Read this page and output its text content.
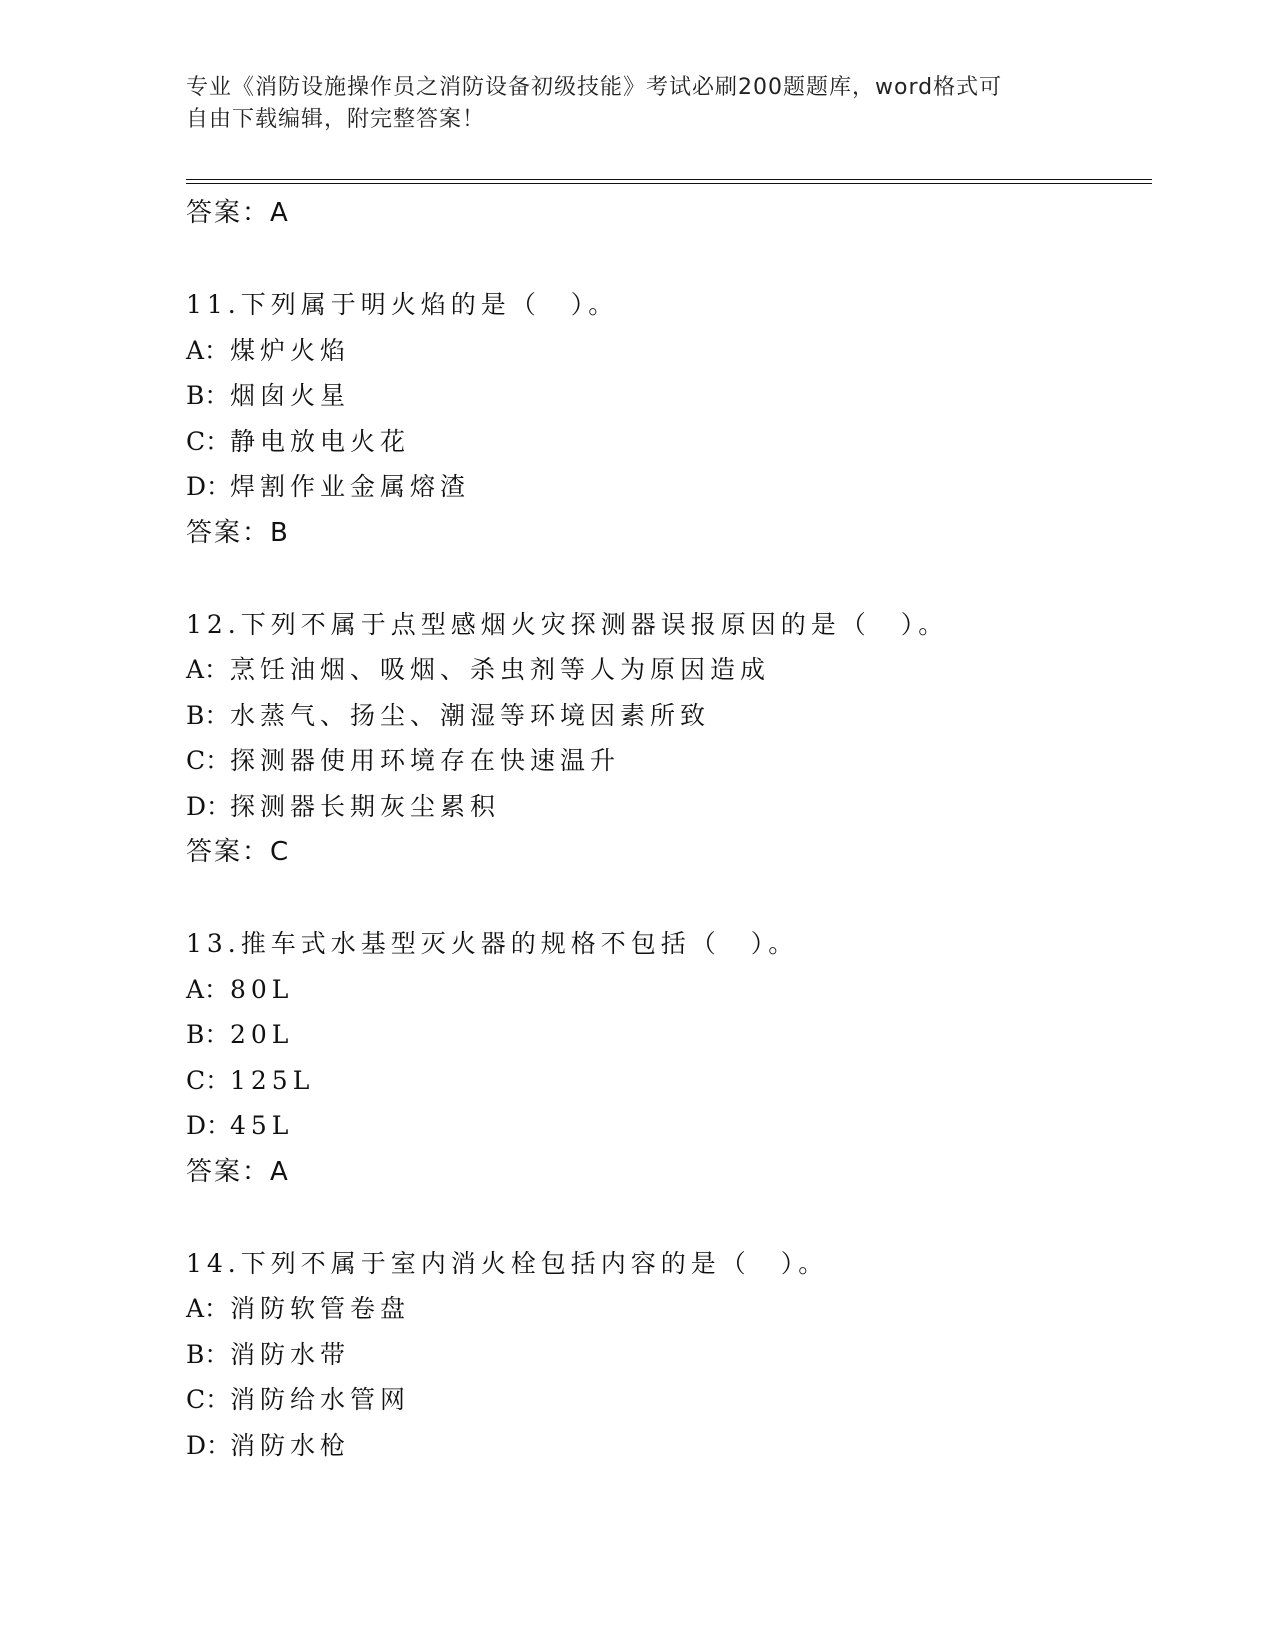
专业《消防设施操作员之消防设备初级技能》考试必刷200题题库，word格式可
自由下载编辑，附完整答案！
答案：A
11.下列属于明火焰的是（　）。
A：煤炉火焰
B：烟囱火星
C：静电放电火花
D：焊割作业金属熔渣
答案：B
12.下列不属于点型感烟火灾探测器误报原因的是（　）。
A：烹饪油烟、吸烟、杀虫剂等人为原因造成
B：水蒸气、扬尘、潮湿等环境因素所致
C：探测器使用环境存在快速温升
D：探测器长期灰尘累积
答案：C
13.推车式水基型灭火器的规格不包括（　）。
A：80L
B：20L
C：125L
D：45L
答案：A
14.下列不属于室内消火栓包括内容的是（　）。
A：消防软管卷盘
B：消防水带
C：消防给水管网
D：消防水枪
